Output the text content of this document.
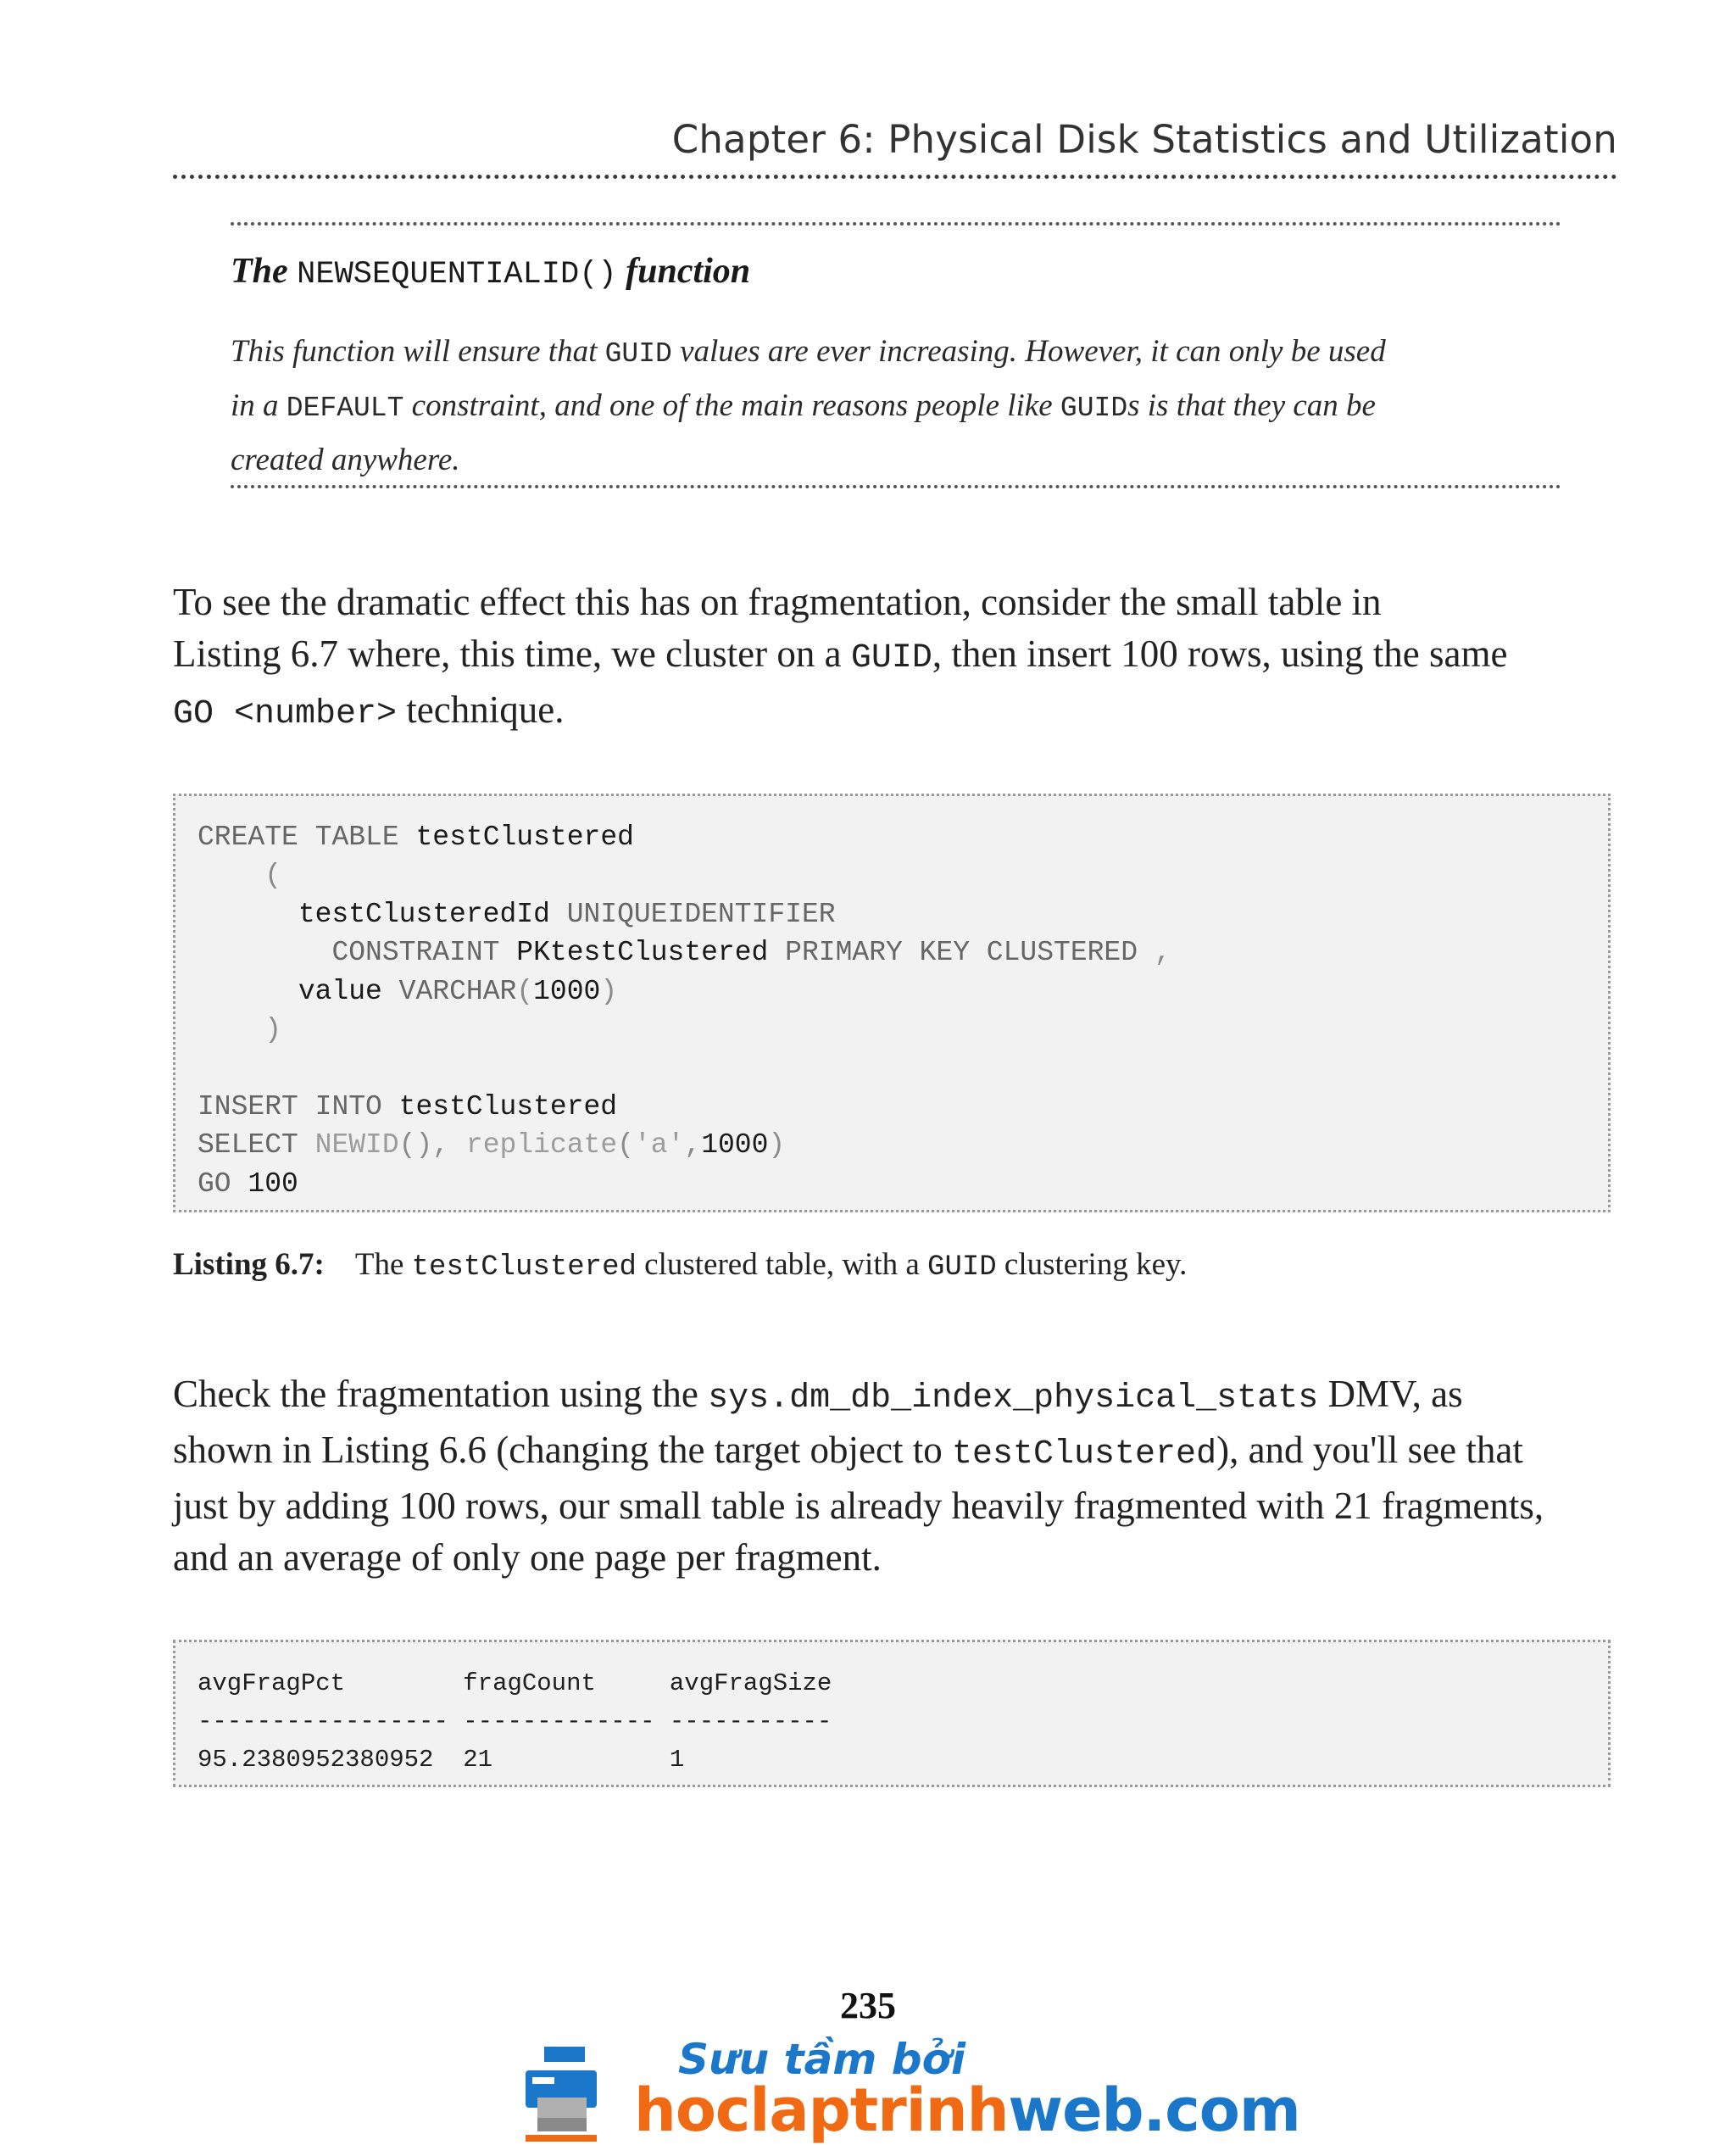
Chapter 6: Physical Disk Statistics and Utilization
The NEWSEQUENTIALID() function
This function will ensure that GUID values are ever increasing. However, it can only be used
in a DEFAULT constraint, and one of the main reasons people like GUIDs is that they can be
created anywhere.
To see the dramatic effect this has on fragmentation, consider the small table in
Listing 6.7 where, this time, we cluster on a GUID, then insert 100 rows, using the same
GO <number> technique.
CREATE TABLE testClustered
(
testClusteredId UNIQUEIDENTIFIER
CONSTRAINT PKtestClustered PRIMARY KEY CLUSTERED ,
value VARCHAR(1000)
)

INSERT INTO testClustered
SELECT NEWID(), replicate('a',1000)
GO 100
Listing 6.7: The testClustered clustered table, with a GUID clustering key.
Check the fragmentation using the sys.dm_db_index_physical_stats DMV, as
shown in Listing 6.6 (changing the target object to testClustered), and you'll see that
just by adding 100 rows, our small table is already heavily fragmented with 21 fragments,
and an average of only one page per fragment.
avgFragPct        fragCount     avgFragSize
----------------- ------------- -----------
95.2380952380952  21            1
235
Sưu tầm bởi
hoclaptrinhweb.com
